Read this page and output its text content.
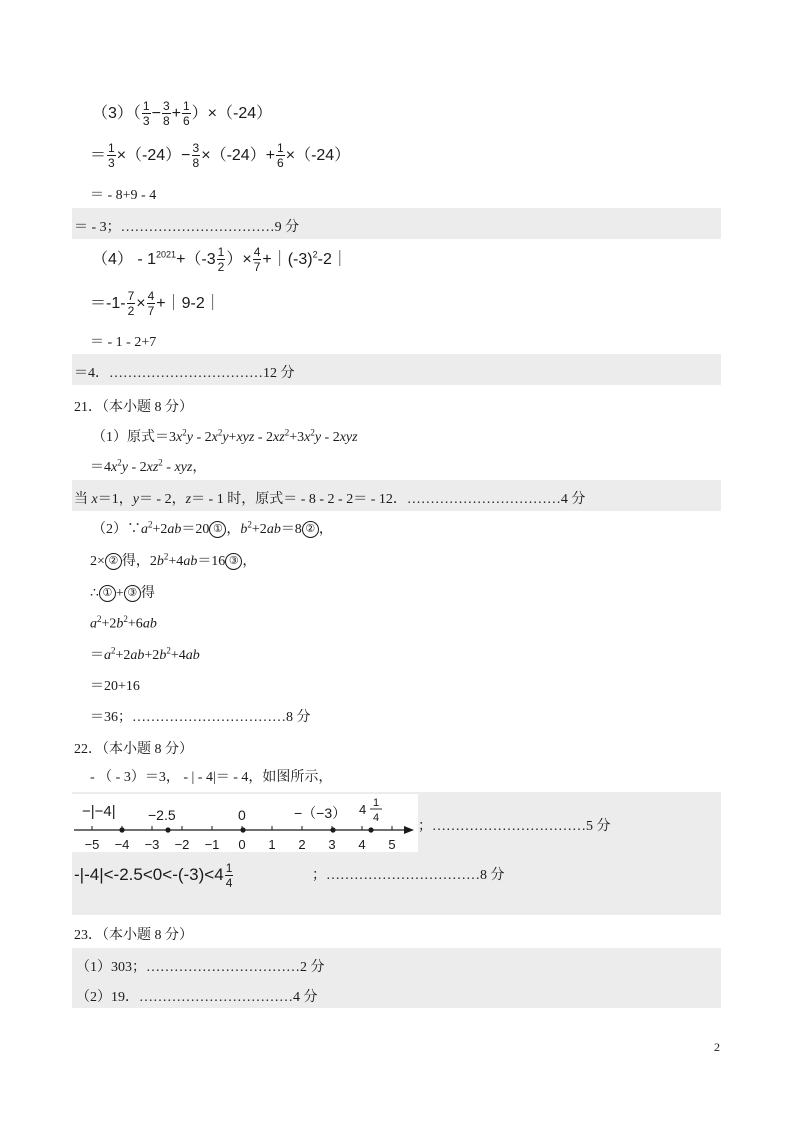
$(3)( \frac{1}{3} - \frac{3}{8} + \frac{1}{6} )\times(-24)$
＝ $\frac{1}{3} \times(-24)- \frac{3}{8} \times(-24)+ \frac{1}{6} \times(-24)$
＝ - 8+9 - 4
＝ - 3；……………………………9 分
$(4) - 1^{2021}+(-3 \frac{1}{2}$ ）× $\frac{4}{7}$ $+|(-3)^2-2|$
$=-1- \frac{7}{2} \times \frac{4}{7}$ +｜9-2｜
＝ - 1 - 2+7
＝4．……………………………12 分
21．（本小题 8 分）
（1）原式$=3x^2y - 2x^2y+xyz - 2xz^2+3x^2y - 2xyz$
$=4x^2y - 2xz^2$ - xyz，
当 x＝1，y＝ - 2，z＝ - 1 时，原式＝ - 8 - 2 - 2＝ - 12．……………………………4 分
$(2)\because a^2+2ab=20$ ① ，$b^2+2ab=8$ ② ，
2× ② 得，$2b^2+4ab=16$ ③ ，
∴ ① + ③ 得
$a^2+2b^2+6ab$
$=a^2+2ab+2b^2+4ab$
＝20+16
＝36；……………………………8 分
22．（本小题 8 分）
- （ - 3）＝3， - | - 4|＝ - 4，如图所示，
−5 −4 −3 −2 −1 0 1 2 3 4 5
−|−4| −2.5	0	−（−3） 4 1
4
；……………………………5 分
$-|-4|<-2.5<0<-(-3)<4 \frac{1}{4}$	；……………………………8 分
23．（本小题 8 分）
（1）303；……………………………2 分
（2）19．……………………………4 分
2
